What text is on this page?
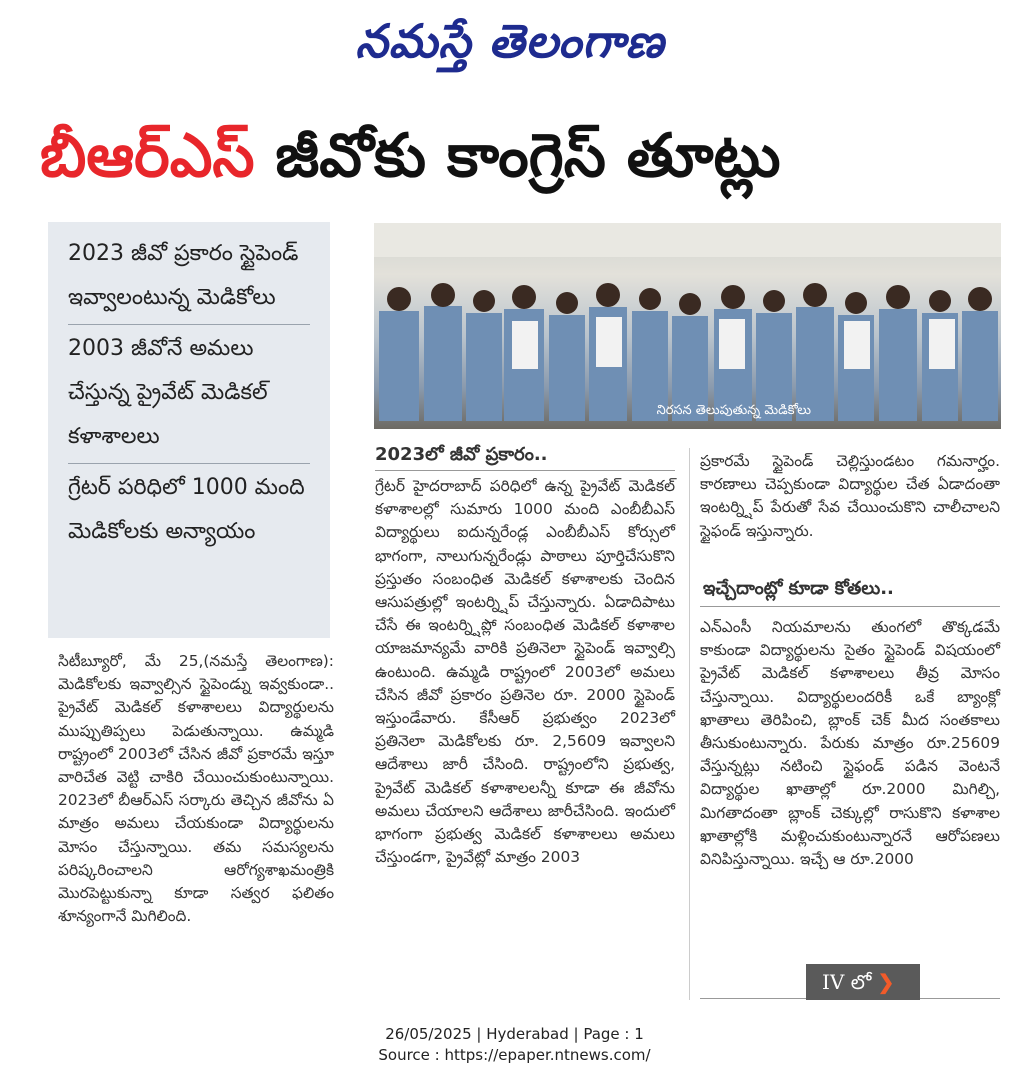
నమస్తే తెలంగాణ
బీఆర్ఎస్ జీవోకు కాంగ్రెస్ తూట్లు
2023 జీవో ప్రకారం స్టైపెండ్ ఇవ్వాలంటున్న మెడికోలు
2003 జీవోనే అమలు చేస్తున్న ప్రైవేట్ మెడికల్ కళాశాలలు
గ్రేటర్ పరిధిలో 1000 మంది మెడికోలకు అన్యాయం
నిరసన తెలుపుతున్న మెడికోలు
సిటీబ్యూరో, మే 25,(నమస్తే తెలంగాణ): మెడికోలకు ఇవ్వాల్సిన స్టైపెండ్ను ఇవ్వకుండా.. ప్రైవేట్ మెడికల్ కళాశాలలు విద్యార్థులను ముప్పుతిప్పలు పెడుతున్నాయి. ఉమ్మడి రాష్ట్రంలో 2003లో చేసిన జీవో ప్రకారమే ఇస్తూ వారిచేత వెట్టి చాకిరి చేయించుకుంటున్నాయి. 2023లో బీఆర్ఎస్ సర్కారు తెచ్చిన జీవోను ఏ మాత్రం అమలు చేయకుండా విద్యార్థులను మోసం చేస్తున్నాయి. తమ సమస్యలను పరిష్కరించాలని ఆరోగ్యశాఖమంత్రికి మొరపెట్టుకున్నా కూడా సత్వర ఫలితం శూన్యంగానే మిగిలింది.
2023లో జీవో ప్రకారం..
గ్రేటర్ హైదరాబాద్ పరిధిలో ఉన్న ప్రైవేట్ మెడికల్ కళాశాలల్లో సుమారు 1000 మంది ఎంబీబీఎస్ విద్యార్థులు ఐదున్నరేండ్ల ఎంబీబీఎస్ కోర్సులో భాగంగా, నాలుగున్నరేండ్లు పాఠాలు పూర్తిచేసుకొని ప్రస్తుతం సంబంధిత మెడికల్ కళాశాలకు చెందిన ఆసుపత్రుల్లో ఇంటర్న్షిప్ చేస్తున్నారు. ఏడాదిపాటు చేసే ఈ ఇంటర్న్షిప్లో సంబంధిత మెడికల్ కళాశాల యాజమాన్యమే వారికి ప్రతినెలా స్టైపెండ్ ఇవ్వాల్సి ఉంటుంది. ఉమ్మడి రాష్ట్రంలో 2003లో అమలు చేసిన జీవో ప్రకారం ప్రతినెల రూ. 2000 స్టైపెండ్ ఇస్తుండేవారు. కేసీఆర్ ప్రభుత్వం 2023లో ప్రతినెలా మెడికోలకు రూ. 2,5609 ఇవ్వాలని ఆదేశాలు జారీ చేసింది. రాష్ట్రంలోని ప్రభుత్వ, ప్రైవేట్ మెడికల్ కళాశాలలన్నీ కూడా ఈ జీవోను అమలు చేయాలని ఆదేశాలు జారీచేసింది. ఇందులో భాగంగా ప్రభుత్వ మెడికల్ కళాశాలలు అమలు చేస్తుండగా, ప్రైవేట్లో మాత్రం 2003
ప్రకారమే స్టైపెండ్ చెల్లిస్తుండటం గమనార్హం. కారణాలు చెప్పకుండా విద్యార్థుల చేత ఏడాదంతా ఇంటర్న్షిప్ పేరుతో సేవ చేయించుకొని చాలీచాలని స్టైఫండ్ ఇస్తున్నారు.
ఇచ్చేదాంట్లో కూడా కోతలు..
ఎన్ఎంసీ నియమాలను తుంగలో తొక్కడమే కాకుండా విద్యార్థులను సైతం స్టైపెండ్ విషయంలో ప్రైవేట్ మెడికల్ కళాశాలలు తీవ్ర మోసం చేస్తున్నాయి. విద్యార్థులందరికీ ఒకే బ్యాంక్లో ఖాతాలు తెరిపించి, బ్లాంక్ చెక్ మీద సంతకాలు తీసుకుంటున్నారు. పేరుకు మాత్రం రూ.25609 వేస్తున్నట్లు నటించి స్టైఫండ్ పడిన వెంటనే విద్యార్థుల ఖాతాల్లో రూ.2000 మిగిల్చి, మిగతాదంతా బ్లాంక్ చెక్కుల్లో రాసుకొని కళాశాల ఖాతాల్లోకి మళ్లించుకుంటున్నారనే ఆరోపణలు వినిపిస్తున్నాయి. ఇచ్చే ఆ రూ.2000
IV లో ❯
26/05/2025 | Hyderabad | Page : 1
Source : https://epaper.ntnews.com/
